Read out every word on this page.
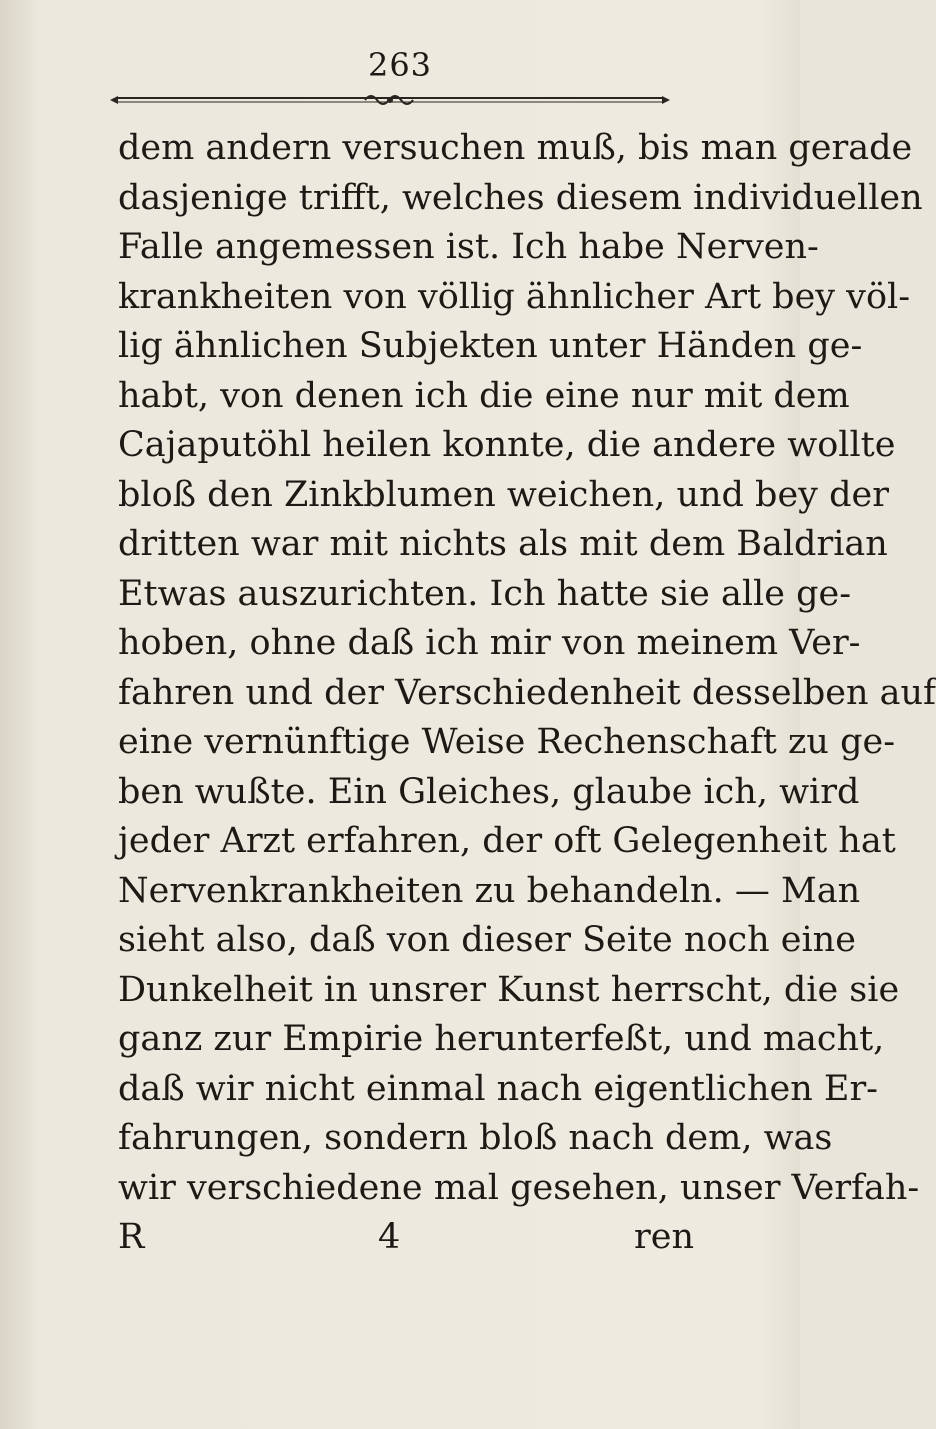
263
dem andern versuchen muß, bis man gerade
dasjenige trifft, welches diesem individuellen
Falle angemessen ist. Ich habe Nerven-
krankheiten von völlig ähnlicher Art bey völ-
lig ähnlichen Subjekten unter Händen ge-
habt, von denen ich die eine nur mit dem
Cajaputöhl heilen konnte, die andere wollte
bloß den Zinkblumen weichen, und bey der
dritten war mit nichts als mit dem Baldrian
Etwas auszurichten. Ich hatte sie alle ge-
hoben, ohne daß ich mir von meinem Ver-
fahren und der Verschiedenheit desselben auf
eine vernünftige Weise Rechenschaft zu ge-
ben wußte. Ein Gleiches, glaube ich, wird
jeder Arzt erfahren, der oft Gelegenheit hat
Nervenkrankheiten zu behandeln. — Man
sieht also, daß von dieser Seite noch eine
Dunkelheit in unsrer Kunst herrscht, die sie
ganz zur Empirie herunterfeßt, und macht,
daß wir nicht einmal nach eigentlichen Er-
fahrungen, sondern bloß nach dem, was
wir verschiedene mal gesehen, unser Verfah-
R 4 ren
